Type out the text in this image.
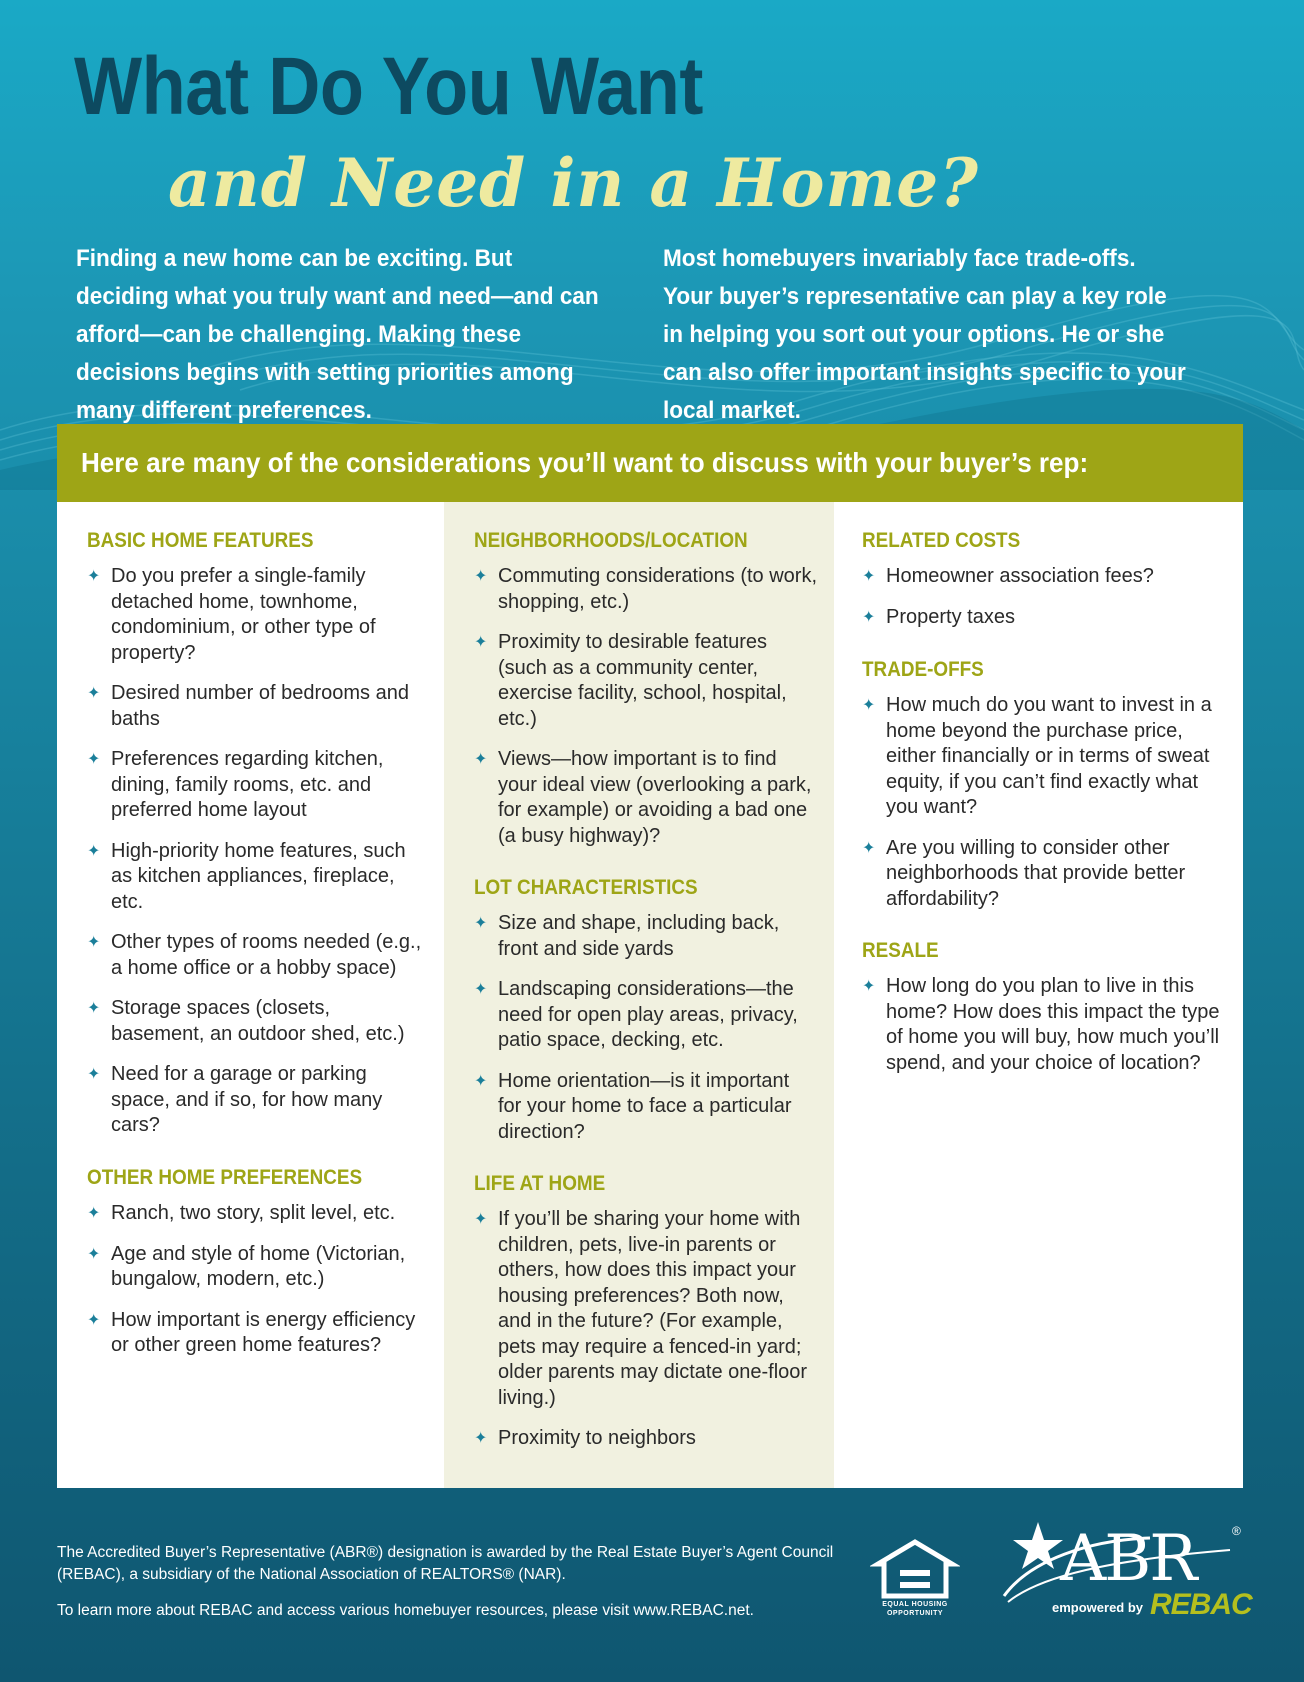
What Do You Want
and Need in a Home?

Finding a new home can be exciting. But deciding what you truly want and need—and can afford—can be challenging. Making these decisions begins with setting priorities among many different preferences.

Most homebuyers invariably face trade-offs. Your buyer’s representative can play a key role in helping you sort out your options. He or she can also offer important insights specific to your local market.

Here are many of the considerations you’ll want to discuss with your buyer’s rep:

BASIC HOME FEATURES
✦ Do you prefer a single-family detached home, townhome, condominium, or other type of property?
✦ Desired number of bedrooms and baths
✦ Preferences regarding kitchen, dining, family rooms, etc. and preferred home layout
✦ High-priority home features, such as kitchen appliances, fireplace, etc.
✦ Other types of rooms needed (e.g., a home office or a hobby space)
✦ Storage spaces (closets, basement, an outdoor shed, etc.)
✦ Need for a garage or parking space, and if so, for how many cars?
OTHER HOME PREFERENCES
✦ Ranch, two story, split level, etc.
✦ Age and style of home (Victorian, bungalow, modern, etc.)
✦ How important is energy efficiency or other green home features?
NEIGHBORHOODS/LOCATION
✦ Commuting considerations (to work, shopping, etc.)
✦ Proximity to desirable features (such as a community center, exercise facility, school, hospital, etc.)
✦ Views—how important is to find your ideal view (overlooking a park, for example) or avoiding a bad one (a busy highway)?
LOT CHARACTERISTICS
✦ Size and shape, including back, front and side yards
✦ Landscaping considerations—the need for open play areas, privacy, patio space, decking, etc.
✦ Home orientation—is it important for your home to face a particular direction?
LIFE AT HOME
✦ If you’ll be sharing your home with children, pets, live-in parents or others, how does this impact your housing preferences? Both now, and in the future? (For example, pets may require a fenced-in yard; older parents may dictate one-floor living.)
✦ Proximity to neighbors
RELATED COSTS
✦ Homeowner association fees?
✦ Property taxes
TRADE-OFFS
✦ How much do you want to invest in a home beyond the purchase price, either financially or in terms of sweat equity, if you can’t find exactly what you want?
✦ Are you willing to consider other neighborhoods that provide better affordability?
RESALE
✦ How long do you plan to live in this home? How does this impact the type of home you will buy, how much you’ll spend, and your choice of location?

The Accredited Buyer’s Representative (ABR®) designation is awarded by the Real Estate Buyer’s Agent Council (REBAC), a subsidiary of the National Association of REALTORS® (NAR).

To learn more about REBAC and access various homebuyer resources, please visit www.REBAC.net.	EQUAL HOUSING OPPORTUNITY
ABR	®
empowered by REBAC
